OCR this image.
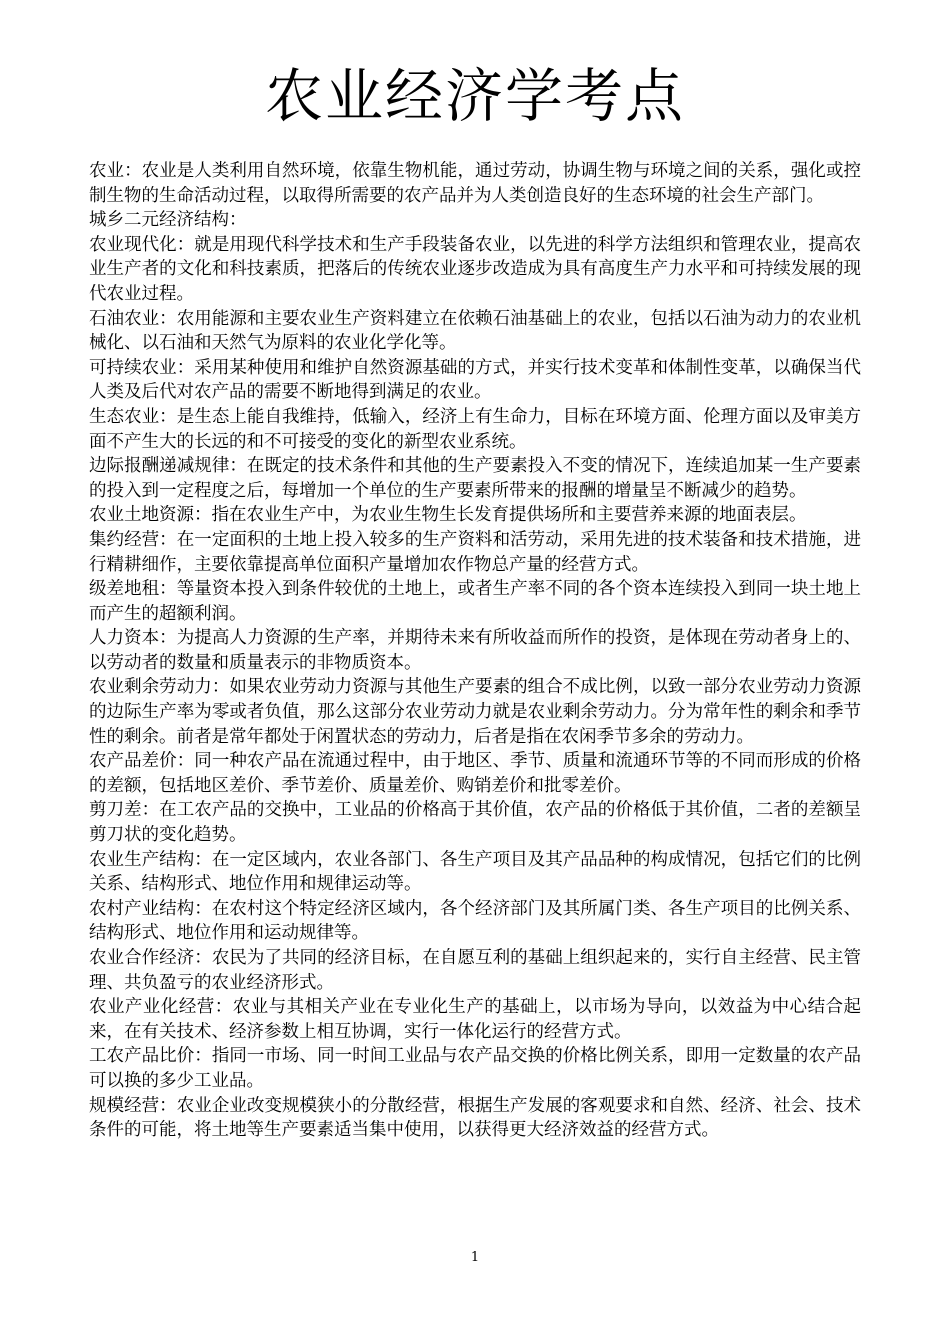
农业经济学考点

农业：农业是人类利用自然环境，依靠生物机能，通过劳动，协调生物与环境之间的关系，强化或控制生物的生命活动过程，以取得所需要的农产品并为人类创造良好的生态环境的社会生产部门。

城乡二元经济结构：

农业现代化：就是用现代科学技术和生产手段装备农业，以先进的科学方法组织和管理农业，提高农业生产者的文化和科技素质，把落后的传统农业逐步改造成为具有高度生产力水平和可持续发展的现代农业过程。

石油农业：农用能源和主要农业生产资料建立在依赖石油基础上的农业，包括以石油为动力的农业机械化、以石油和天然气为原料的农业化学化等。

可持续农业：采用某种使用和维护自然资源基础的方式，并实行技术变革和体制性变革，以确保当代人类及后代对农产品的需要不断地得到满足的农业。

生态农业：是生态上能自我维持，低输入，经济上有生命力，目标在环境方面、伦理方面以及审美方面不产生大的长远的和不可接受的变化的新型农业系统。

边际报酬递减规律：在既定的技术条件和其他的生产要素投入不变的情况下，连续追加某一生产要素的投入到一定程度之后，每增加一个单位的生产要素所带来的报酬的增量呈不断减少的趋势。

农业土地资源：指在农业生产中，为农业生物生长发育提供场所和主要营养来源的地面表层。

集约经营：在一定面积的土地上投入较多的生产资料和活劳动，采用先进的技术装备和技术措施，进行精耕细作，主要依靠提高单位面积产量增加农作物总产量的经营方式。

级差地租：等量资本投入到条件较优的土地上，或者生产率不同的各个资本连续投入到同一块土地上而产生的超额利润。

人力资本：为提高人力资源的生产率，并期待未来有所收益而所作的投资，是体现在劳动者身上的、以劳动者的数量和质量表示的非物质资本。

农业剩余劳动力：如果农业劳动力资源与其他生产要素的组合不成比例，以致一部分农业劳动力资源的边际生产率为零或者负值，那么这部分农业劳动力就是农业剩余劳动力。分为常年性的剩余和季节性的剩余。前者是常年都处于闲置状态的劳动力，后者是指在农闲季节多余的劳动力。

农产品差价：同一种农产品在流通过程中，由于地区、季节、质量和流通环节等的不同而形成的价格的差额，包括地区差价、季节差价、质量差价、购销差价和批零差价。

剪刀差：在工农产品的交换中，工业品的价格高于其价值，农产品的价格低于其价值，二者的差额呈剪刀状的变化趋势。

农业生产结构：在一定区域内，农业各部门、各生产项目及其产品品种的构成情况，包括它们的比例关系、结构形式、地位作用和规律运动等。

农村产业结构：在农村这个特定经济区域内，各个经济部门及其所属门类、各生产项目的比例关系、结构形式、地位作用和运动规律等。

农业合作经济：农民为了共同的经济目标，在自愿互利的基础上组织起来的，实行自主经营、民主管理、共负盈亏的农业经济形式。

农业产业化经营：农业与其相关产业在专业化生产的基础上，以市场为导向，以效益为中心结合起来，在有关技术、经济参数上相互协调，实行一体化运行的经营方式。

工农产品比价：指同一市场、同一时间工业品与农产品交换的价格比例关系，即用一定数量的农产品可以换的多少工业品。

规模经营：农业企业改变规模狭小的分散经营，根据生产发展的客观要求和自然、经济、社会、技术条件的可能，将土地等生产要素适当集中使用，以获得更大经济效益的经营方式。

1
